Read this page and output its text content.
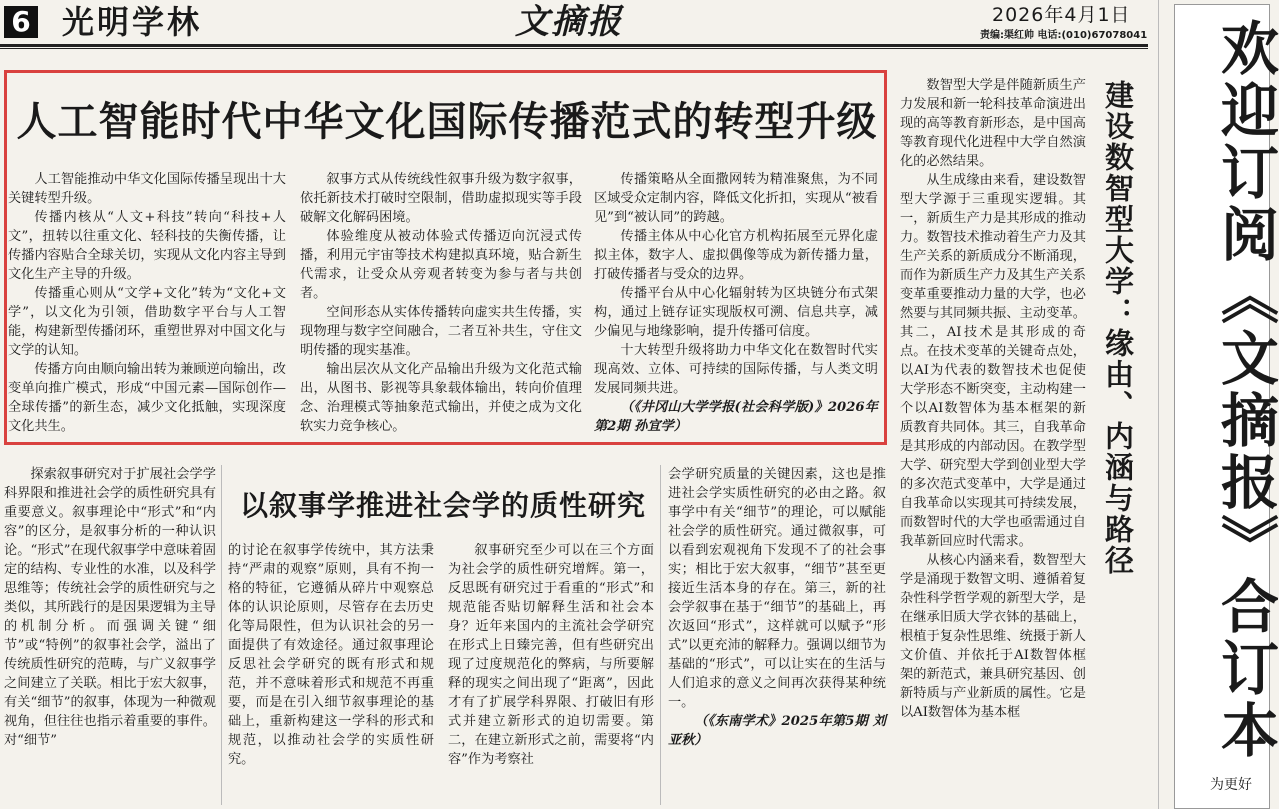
6 光明学林	文摘报	2026年4月1日
责编:渠红帅 电话:(010)67078041
人工智能时代中华文化国际传播范式的转型升级

人工智能推动中华文化国际传播呈现出十大关键转型升级。

传播内核从“人文+科技”转向“科技+人文”，扭转以往重文化、轻科技的失衡传播，让传播内容贴合全球关切，实现从文化内容主导到文化生产主导的升级。

传播重心则从“文学+文化”转为“文化+文学”，以文化为引领，借助数字平台与人工智能，构建新型传播闭环，重塑世界对中国文化与文学的认知。

传播方向由顺向输出转为兼顾逆向输出，改变单向推广模式，形成“中国元素—国际创作—全球传播”的新生态，减少文化抵触，实现深度文化共生。

叙事方式从传统线性叙事升级为数字叙事，依托新技术打破时空限制，借助虚拟现实等手段破解文化解码困境。

体验维度从被动体验式传播迈向沉浸式传播，利用元宇宙等技术构建拟真环境，贴合新生代需求，让受众从旁观者转变为参与者与共创者。

空间形态从实体传播转向虚实共生传播，实现物理与数字空间融合，二者互补共生，守住文明传播的现实基准。

输出层次从文化产品输出升级为文化范式输出，从图书、影视等具象载体输出，转向价值理念、治理模式等抽象范式输出，并使之成为文化软实力竞争核心。

传播策略从全面撒网转为精准聚焦，为不同区域受众定制内容，降低文化折扣，实现从“被看见”到“被认同”的跨越。

传播主体从中心化官方机构拓展至元界化虚拟主体，数字人、虚拟偶像等成为新传播力量，打破传播者与受众的边界。

传播平台从中心化辐射转为区块链分布式架构，通过上链存证实现版权可溯、信息共享，减少偏见与地缘影响，提升传播可信度。

十大转型升级将助力中华文化在数智时代实现高效、立体、可持续的国际传播，与人类文明发展同频共进。

（《井冈山大学学报(社会科学版)》2026年第2期 孙宜学）

以叙事学推进社会学的质性研究

探索叙事研究对于扩展社会学学科界限和推进社会学的质性研究具有重要意义。叙事理论中“形式”和“内容”的区分，是叙事分析的一种认识论。“形式”在现代叙事学中意味着固定的结构、专业性的水准，以及科学思维等；传统社会学的质性研究与之类似，其所践行的是因果逻辑为主导的机制分析。而强调关键“细节”或“特例”的叙事社会学，溢出了传统质性研究的范畴，与广义叙事学之间建立了关联。相比于宏大叙事，有关“细节”的叙事，体现为一种微观视角，但往往也指示着重要的事件。对“细节”

的讨论在叙事学传统中，其方法秉持“严肃的观察”原则，具有不拘一格的特征，它遵循从碎片中观察总体的认识论原则，尽管存在去历史化等局限性，但为认识社会的另一面提供了有效途径。通过叙事理论反思社会学研究的既有形式和规范，并不意味着形式和规范不再重要，而是在引入细节叙事理论的基础上，重新构建这一学科的形式和规范，以推动社会学的实质性研究。

叙事研究至少可以在三个方面为社会学的质性研究增辉。第一，反思既有研究过于看重的“形式”和规范能否贴切解释生活和社会本身？近年来国内的主流社会学研究在形式上日臻完善，但有些研究出现了过度规范化的弊病，与所要解释的现实之间出现了“距离”，因此才有了扩展学科界限、打破旧有形式并建立新形式的迫切需要。第二，在建立新形式之前，需要将“内容”作为考察社

会学研究质量的关键因素，这也是推进社会学实质性研究的必由之路。叙事学中有关“细节”的理论，可以赋能社会学的质性研究。通过微叙事，可以看到宏观视角下发现不了的社会事实；相比于宏大叙事，“细节”甚至更接近生活本身的存在。第三，新的社会学叙事在基于“细节”的基础上，再次返回“形式”，这样就可以赋予“形式”以更充沛的解释力。强调以细节为基础的“形式”，可以让实在的生活与人们追求的意义之间再次获得某种统一。

（《东南学术》2025年第5期 刘亚秋）

建设数智型大学：缘由、内涵与路径

数智型大学是伴随新质生产力发展和新一轮科技革命演进出现的高等教育新形态，是中国高等教育现代化进程中大学自然演化的必然结果。

从生成缘由来看，建设数智型大学源于三重现实逻辑。其一，新质生产力是其形成的推动力。数智技术推动着生产力及其生产关系的新质成分不断涌现，而作为新质生产力及其生产关系变革重要推动力量的大学，也必然要与其同频共振、主动变革。其二，AI技术是其形成的奇点。在技术变革的关键奇点处，以AI为代表的数智技术也促使大学形态不断突变，主动构建一个以AI数智体为基本框架的新质教育共同体。其三，自我革命是其形成的内部动因。在教学型大学、研究型大学到创业型大学的多次范式变革中，大学是通过自我革命以实现其可持续发展，而数智时代的大学也亟需通过自我革新回应时代需求。

从核心内涵来看，数智型大学是涌现于数智文明、遵循着复杂性科学哲学观的新型大学，是在继承旧质大学衣钵的基础上，根植于复杂性思维、统摄于新人文价值、并依托于AI数智体框架的新范式，兼具研究基因、创新特质与产业新质的属性。它是以AI数智体为基本框	欢迎订阅《文摘报》合订本
为更好
